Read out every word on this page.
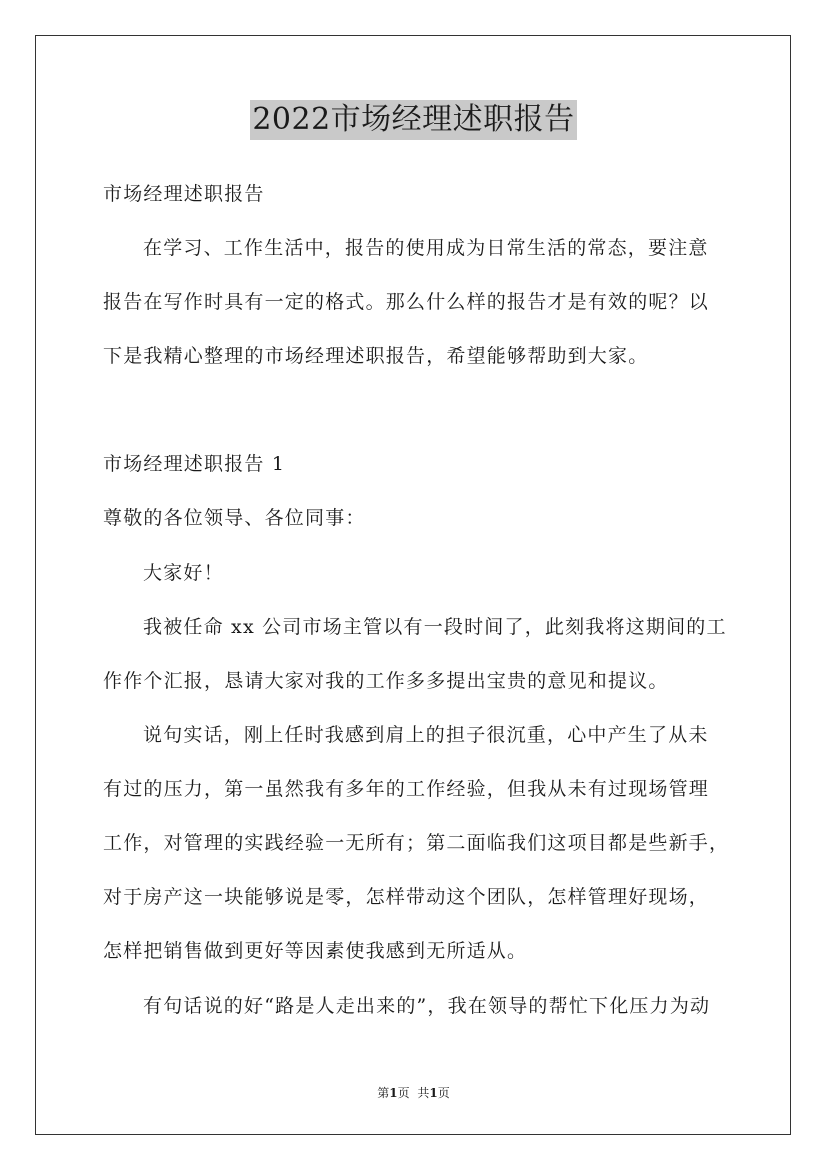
2022市场经理述职报告
市场经理述职报告
在学习、工作生活中，报告的使用成为日常生活的常态，要注意
报告在写作时具有一定的格式。那么什么样的报告才是有效的呢？以
下是我精心整理的市场经理述职报告，希望能够帮助到大家。
市场经理述职报告 1
尊敬的各位领导、各位同事：
大家好！
我被任命 xx 公司市场主管以有一段时间了，此刻我将这期间的工
作作个汇报，恳请大家对我的工作多多提出宝贵的意见和提议。
说句实话，刚上任时我感到肩上的担子很沉重，心中产生了从未
有过的压力，第一虽然我有多年的工作经验，但我从未有过现场管理
工作，对管理的实践经验一无所有；第二面临我们这项目都是些新手，
对于房产这一块能够说是零，怎样带动这个团队，怎样管理好现场，
怎样把销售做到更好等因素使我感到无所适从。
有句话说的好“路是人走出来的”，我在领导的帮忙下化压力为动
第1页 共1页
